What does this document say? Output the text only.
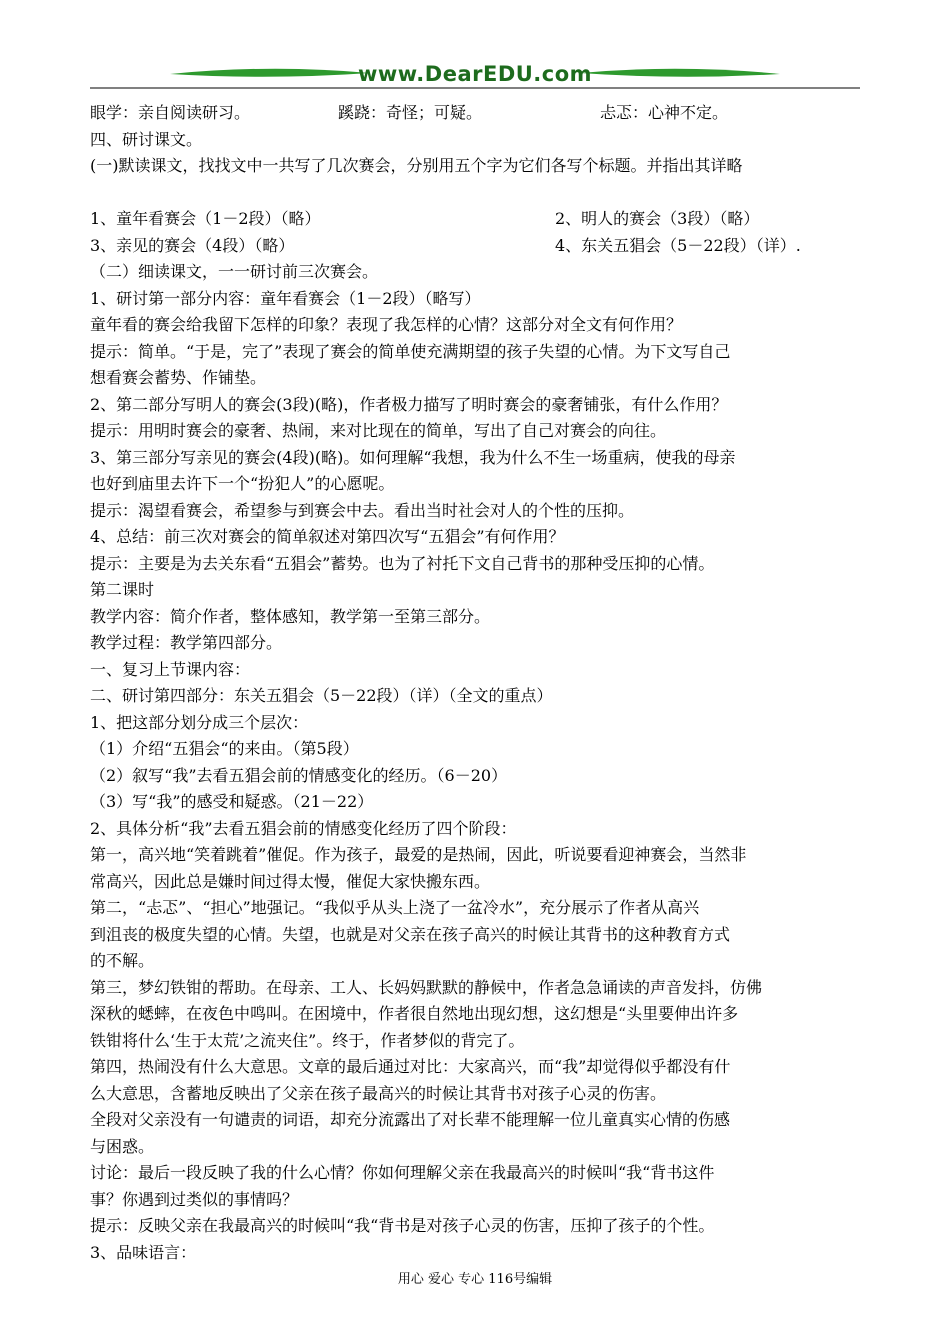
www.DearEDU.com
眼学：亲自阅读研习。	蹊跷：奇怪；可疑。	忐忑：心神不定。
四、研讨课文。
(一)默读课文，找找文中一共写了几次赛会，分别用五个字为它们各写个标题。并指出其详略
1、童年看赛会（1－2段）（略）	2、明人的赛会（3段）（略）
3、亲见的赛会（4段）（略）	4、东关五猖会（5－22段）（详）.
（二）细读课文，一一研讨前三次赛会。
1、研讨第一部分内容：童年看赛会（1－2段）（略写）
童年看的赛会给我留下怎样的印象？表现了我怎样的心情？这部分对全文有何作用？
提示：简单。“于是，完了”表现了赛会的简单使充满期望的孩子失望的心情。为下文写自己
想看赛会蓄势、作铺垫。
2、第二部分写明人的赛会(3段)(略)，作者极力描写了明时赛会的豪奢铺张，有什么作用？
提示：用明时赛会的豪奢、热闹，来对比现在的简单，写出了自己对赛会的向往。
3、第三部分写亲见的赛会(4段)(略)。如何理解“我想，我为什么不生一场重病，使我的母亲
也好到庙里去许下一个“扮犯人”的心愿呢。
提示：渴望看赛会，希望参与到赛会中去。看出当时社会对人的个性的压抑。
4、总结：前三次对赛会的简单叙述对第四次写“五猖会”有何作用？
提示：主要是为去关东看“五猖会”蓄势。也为了衬托下文自己背书的那种受压抑的心情。
第二课时
教学内容：简介作者，整体感知，教学第一至第三部分。
教学过程：教学第四部分。
一、复习上节课内容：
二、研讨第四部分：东关五猖会（5－22段）（详）（全文的重点）
1、把这部分划分成三个层次：
（1）介绍“五猖会“的来由。（第5段）
（2）叙写“我”去看五猖会前的情感变化的经历。（6－20）
（3）写“我”的感受和疑惑。（21－22）
2、具体分析“我”去看五猖会前的情感变化经历了四个阶段：
第一，高兴地“笑着跳着”催促。作为孩子，最爱的是热闹，因此，听说要看迎神赛会，当然非
常高兴，因此总是嫌时间过得太慢，催促大家快搬东西。
第二，“忐忑”、“担心”地强记。“我似乎从头上浇了一盆冷水”，充分展示了作者从高兴
到沮丧的极度失望的心情。失望，也就是对父亲在孩子高兴的时候让其背书的这种教育方式
的不解。
第三，梦幻铁钳的帮助。在母亲、工人、长妈妈默默的静候中，作者急急诵读的声音发抖，仿佛
深秋的蟋蟀，在夜色中鸣叫。在困境中，作者很自然地出现幻想，这幻想是“头里要伸出许多
铁钳将什么‘生于太荒’之流夹住”。终于，作者梦似的背完了。
第四，热闹没有什么大意思。文章的最后通过对比：大家高兴，而“我”却觉得似乎都没有什
么大意思，含蓄地反映出了父亲在孩子最高兴的时候让其背书对孩子心灵的伤害。
全段对父亲没有一句谴责的词语，却充分流露出了对长辈不能理解一位儿童真实心情的伤感
与困惑。
讨论：最后一段反映了我的什么心情？你如何理解父亲在我最高兴的时候叫“我“背书这件
事？你遇到过类似的事情吗？
提示：反映父亲在我最高兴的时候叫“我“背书是对孩子心灵的伤害，压抑了孩子的个性。
3、品味语言：
用心 爱心 专心 116号编辑
